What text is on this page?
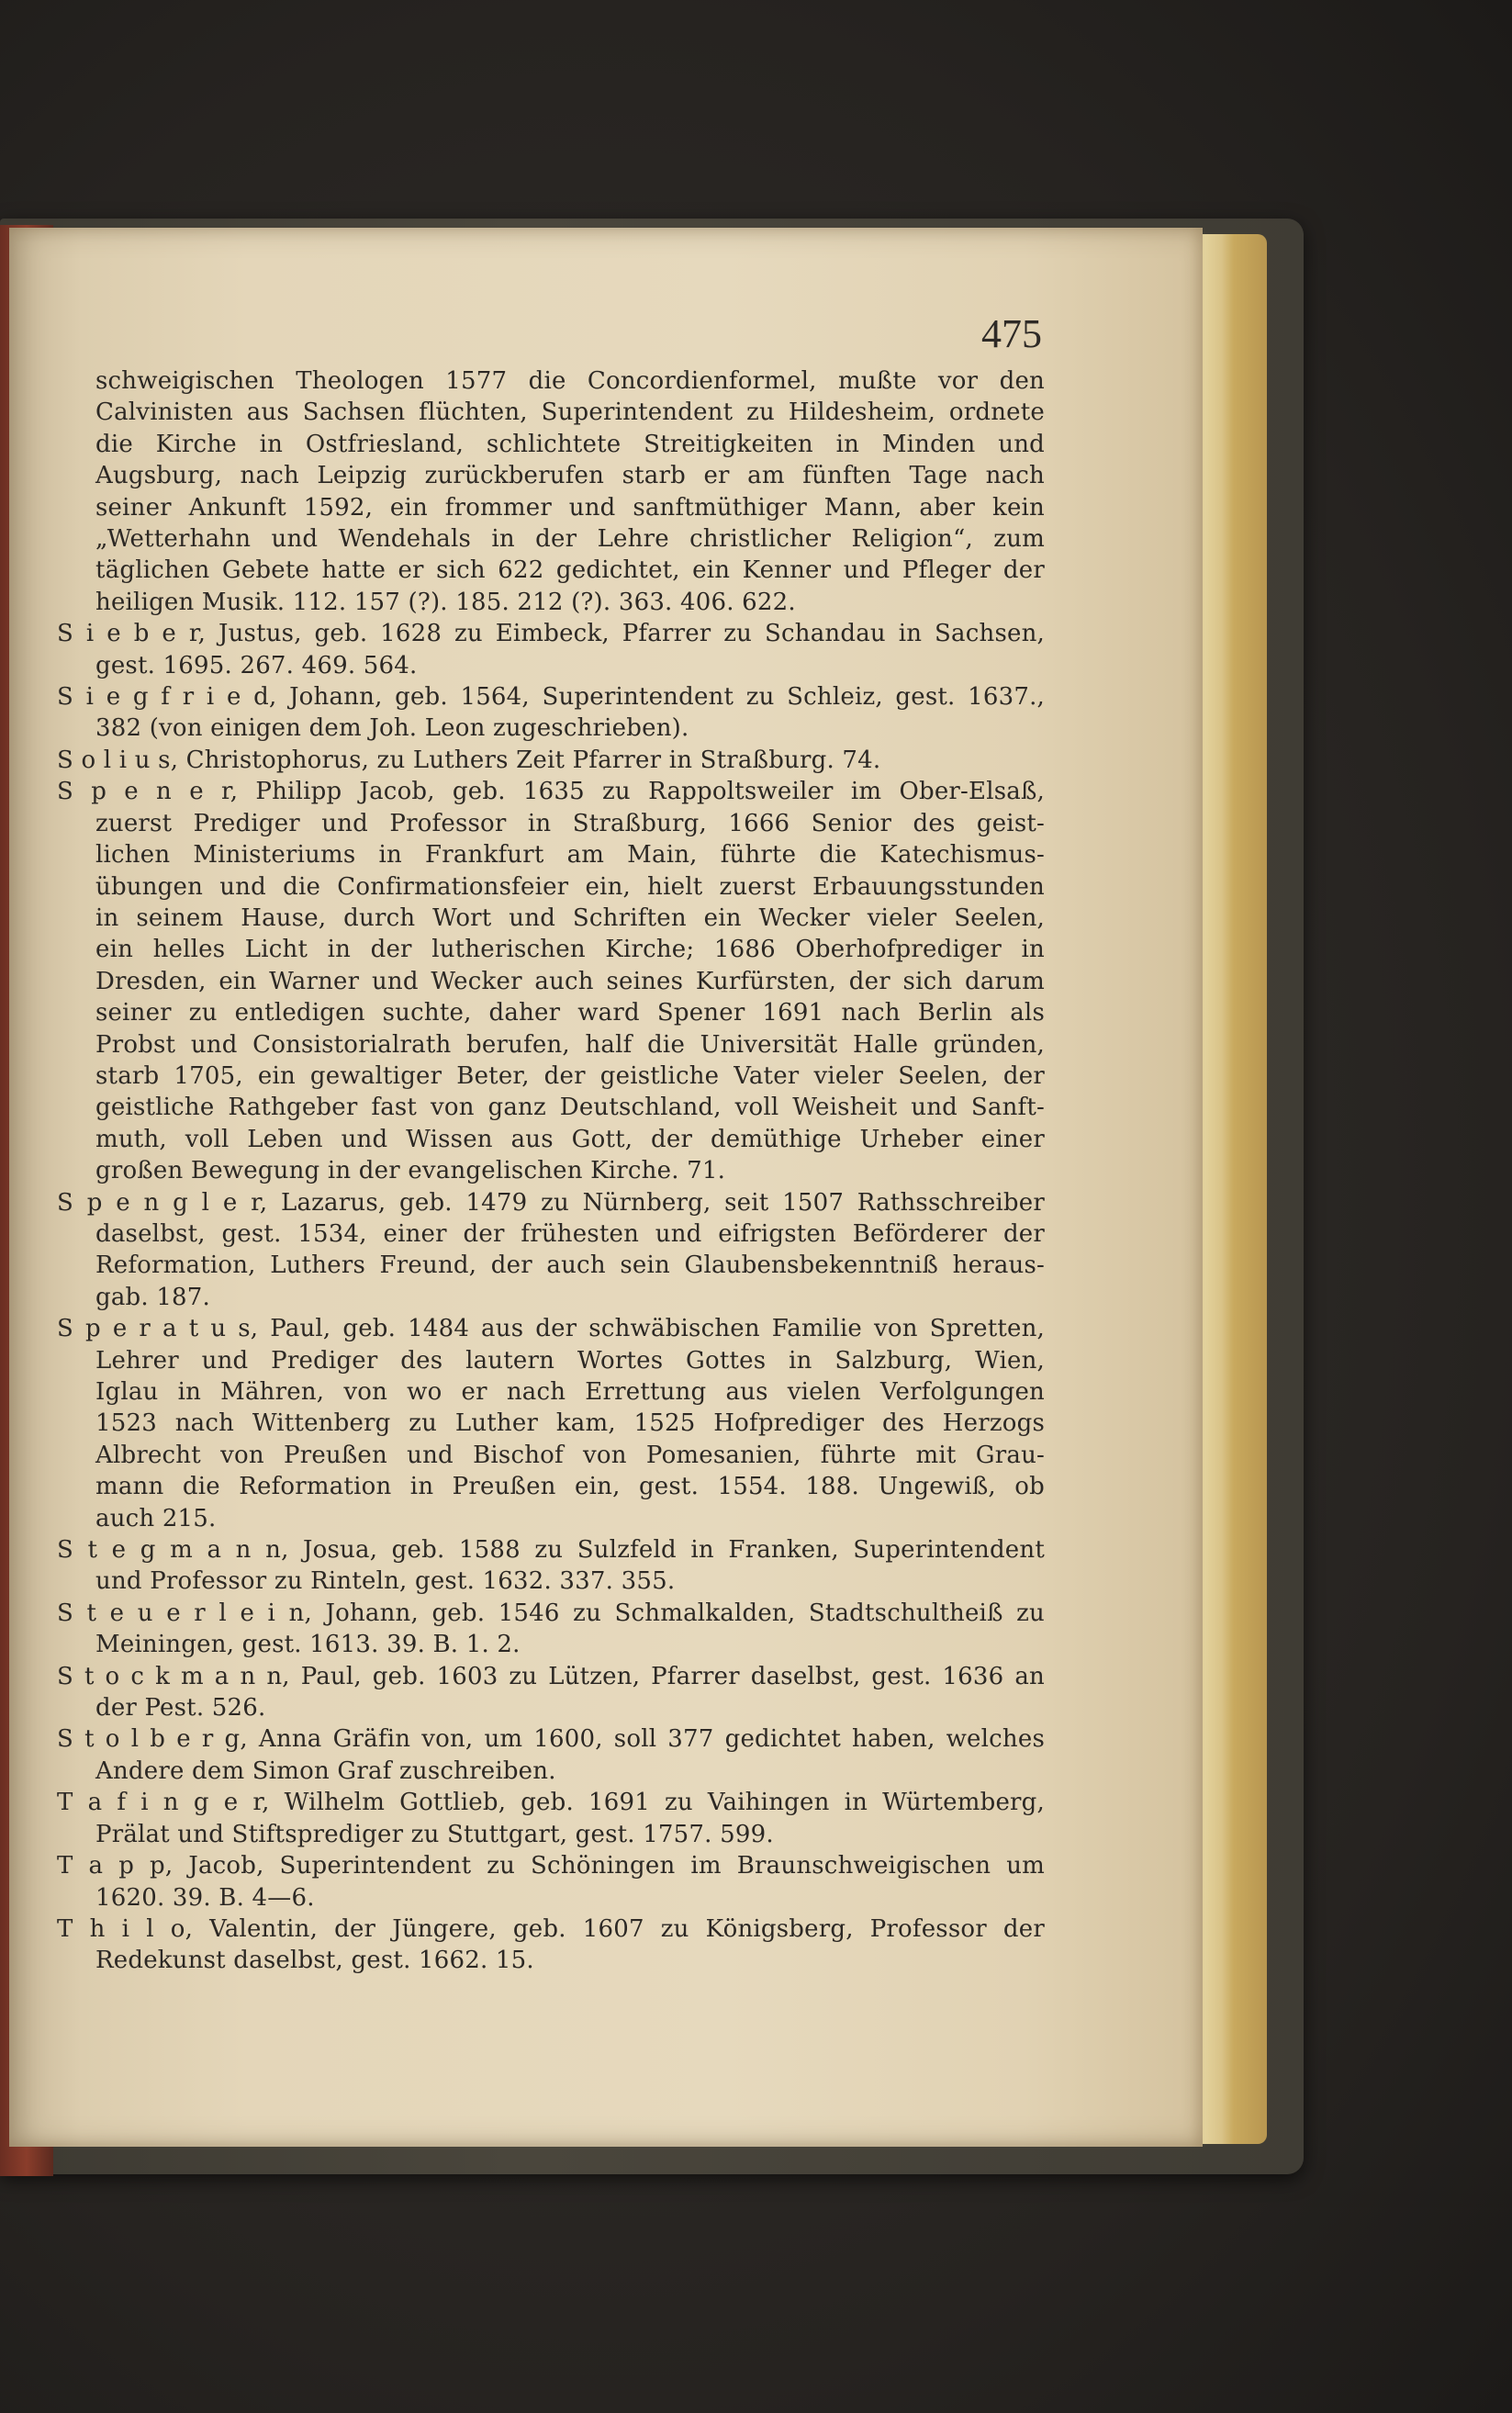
475
schweigischen Theologen 1577 die Concordienformel, mußte vor den
Calvinisten aus Sachsen flüchten, Superintendent zu Hildesheim, ordnete
die Kirche in Ostfriesland, schlichtete Streitigkeiten in Minden und
Augsburg, nach Leipzig zurückberufen starb er am fünften Tage nach
seiner Ankunft 1592, ein frommer und sanftmüthiger Mann, aber kein
„Wetterhahn und Wendehals in der Lehre christlicher Religion“, zum
täglichen Gebete hatte er sich 622 gedichtet, ein Kenner und Pfleger der
heiligen Musik. 112. 157 (?). 185. 212 (?). 363. 406. 622.
S i e b e r, Justus, geb. 1628 zu Eimbeck, Pfarrer zu Schandau in Sachsen,
gest. 1695. 267. 469. 564.
S i e g f r i e d, Johann, geb. 1564, Superintendent zu Schleiz, gest. 1637.,
382 (von einigen dem Joh. Leon zugeschrieben).
S o l i u s, Christophorus, zu Luthers Zeit Pfarrer in Straßburg. 74.
S p e n e r, Philipp Jacob, geb. 1635 zu Rappoltsweiler im Ober-Elsaß,
zuerst Prediger und Professor in Straßburg, 1666 Senior des geist-
lichen Ministeriums in Frankfurt am Main, führte die Katechismus-
übungen und die Confirmationsfeier ein, hielt zuerst Erbauungsstunden
in seinem Hause, durch Wort und Schriften ein Wecker vieler Seelen,
ein helles Licht in der lutherischen Kirche; 1686 Oberhofprediger in
Dresden, ein Warner und Wecker auch seines Kurfürsten, der sich darum
seiner zu entledigen suchte, daher ward Spener 1691 nach Berlin als
Probst und Consistorialrath berufen, half die Universität Halle gründen,
starb 1705, ein gewaltiger Beter, der geistliche Vater vieler Seelen, der
geistliche Rathgeber fast von ganz Deutschland, voll Weisheit und Sanft-
muth, voll Leben und Wissen aus Gott, der demüthige Urheber einer
großen Bewegung in der evangelischen Kirche. 71.
S p e n g l e r, Lazarus, geb. 1479 zu Nürnberg, seit 1507 Rathsschreiber
daselbst, gest. 1534, einer der frühesten und eifrigsten Beförderer der
Reformation, Luthers Freund, der auch sein Glaubensbekenntniß heraus-
gab. 187.
S p e r a t u s, Paul, geb. 1484 aus der schwäbischen Familie von Spretten,
Lehrer und Prediger des lautern Wortes Gottes in Salzburg, Wien,
Iglau in Mähren, von wo er nach Errettung aus vielen Verfolgungen
1523 nach Wittenberg zu Luther kam, 1525 Hofprediger des Herzogs
Albrecht von Preußen und Bischof von Pomesanien, führte mit Grau-
mann die Reformation in Preußen ein, gest. 1554. 188. Ungewiß, ob
auch 215.
S t e g m a n n, Josua, geb. 1588 zu Sulzfeld in Franken, Superintendent
und Professor zu Rinteln, gest. 1632. 337. 355.
S t e u e r l e i n, Johann, geb. 1546 zu Schmalkalden, Stadtschultheiß zu
Meiningen, gest. 1613. 39. B. 1. 2.
S t o c k m a n n, Paul, geb. 1603 zu Lützen, Pfarrer daselbst, gest. 1636 an
der Pest. 526.
S t o l b e r g, Anna Gräfin von, um 1600, soll 377 gedichtet haben, welches
Andere dem Simon Graf zuschreiben.
T a f i n g e r, Wilhelm Gottlieb, geb. 1691 zu Vaihingen in Würtemberg,
Prälat und Stiftsprediger zu Stuttgart, gest. 1757. 599.
T a p p, Jacob, Superintendent zu Schöningen im Braunschweigischen um
1620. 39. B. 4—6.
T h i l o, Valentin, der Jüngere, geb. 1607 zu Königsberg, Professor der
Redekunst daselbst, gest. 1662. 15.
